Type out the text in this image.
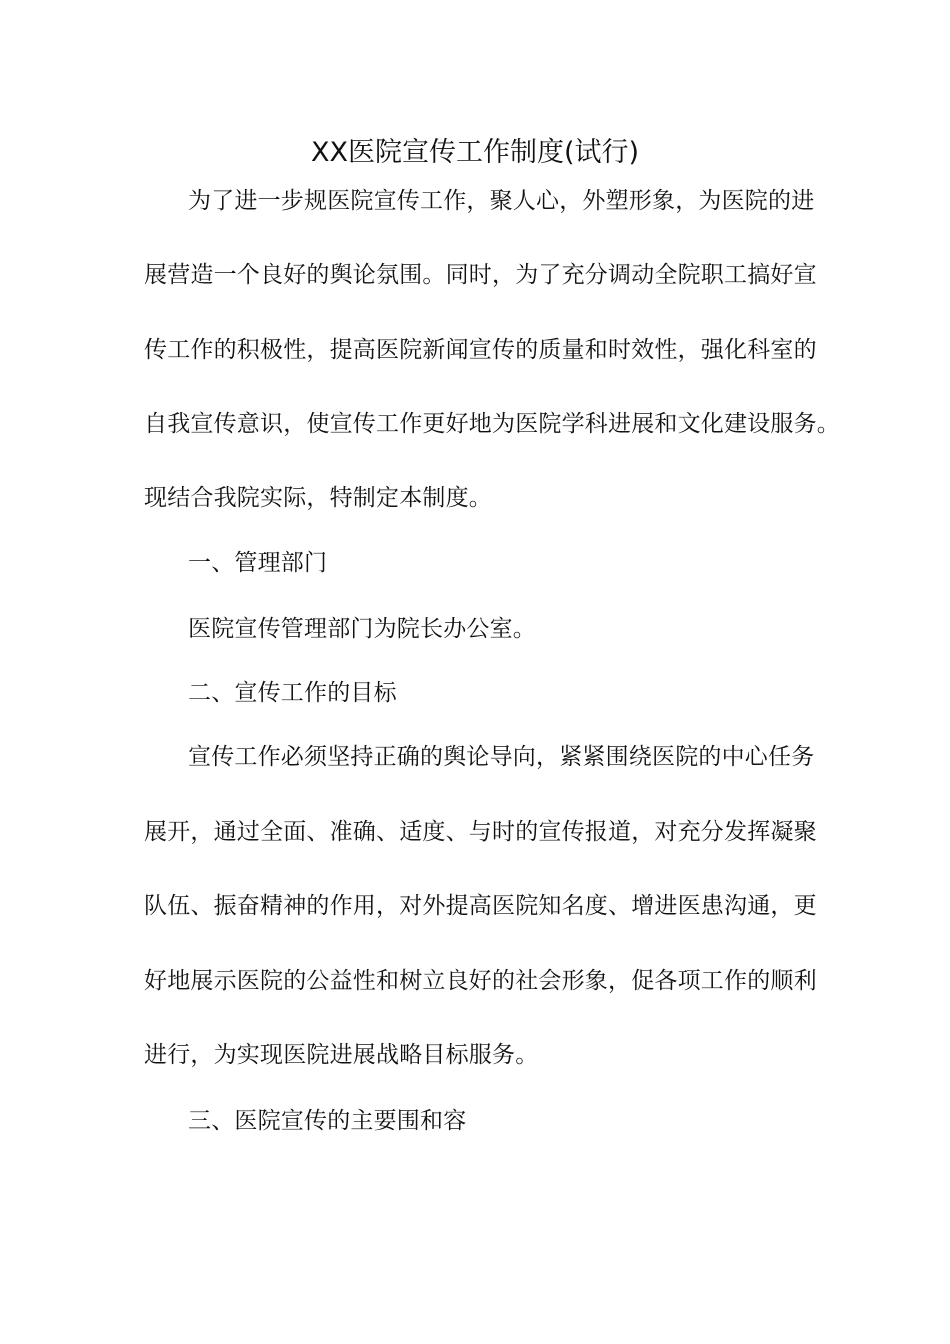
XX医院宣传工作制度(试行)

为了进一步规医院宣传工作，聚人心，外塑形象，为医院的进

展营造一个良好的舆论氛围。同时，为了充分调动全院职工搞好宣

传工作的积极性，提高医院新闻宣传的质量和时效性，强化科室的

自我宣传意识，使宣传工作更好地为医院学科进展和文化建设服务。

现结合我院实际，特制定本制度。

一、管理部门

医院宣传管理部门为院长办公室。

二、宣传工作的目标

宣传工作必须坚持正确的舆论导向，紧紧围绕医院的中心任务

展开，通过全面、准确、适度、与时的宣传报道，对充分发挥凝聚

队伍、振奋精神的作用，对外提高医院知名度、增进医患沟通，更

好地展示医院的公益性和树立良好的社会形象，促各项工作的顺利

进行，为实现医院进展战略目标服务。

三、医院宣传的主要围和容
